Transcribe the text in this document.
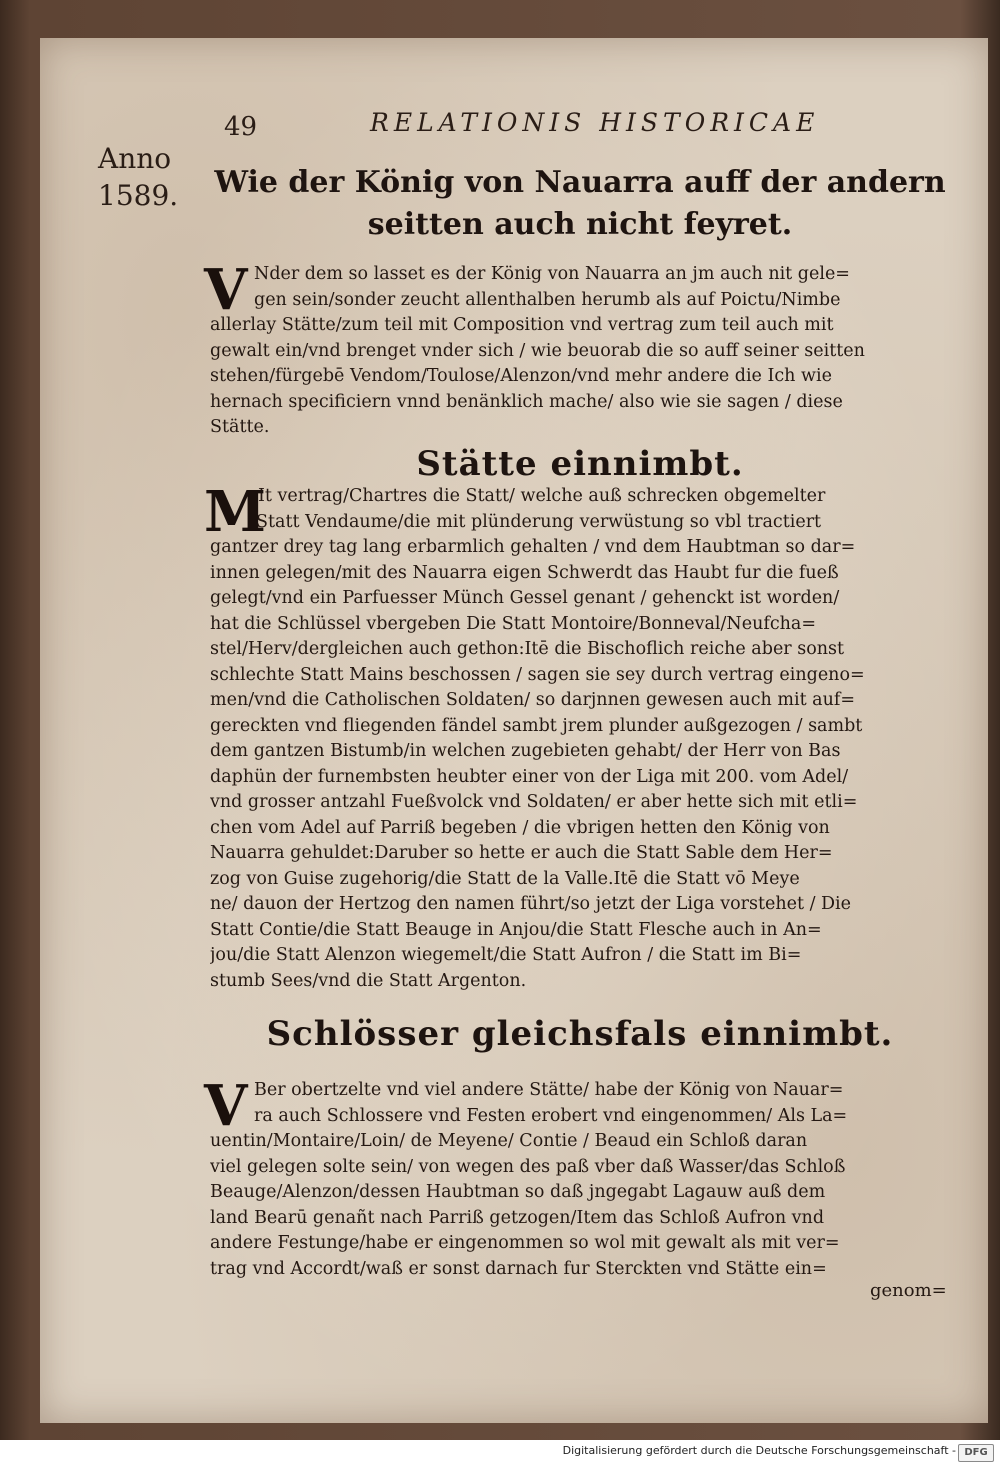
49	RELATIONIS HISTORICAE
Anno
1589.	Wie der König von Nauarra auff der andern
seitten auch nicht feyret.
V Nder dem so lasset es der König von Nauarra an jm auch nit gele=
gen sein/sonder zeucht allenthalben herumb als auf Poictu/Nimbe
allerlay Stätte/zum teil mit Composition vnd vertrag zum teil auch mit
gewalt ein/vnd brenget vnder sich / wie beuorab die so auff seiner seitten
stehen/fürgebē Vendom/Toulose/Alenzon/vnd mehr andere die Ich wie
hernach specificiern vnnd benänklich mache/ also wie sie sagen / diese
Stätte.
Stätte einnimbt.
M
It vertrag/Chartres die Statt/ welche auß schrecken obgemelter
Statt Vendaume/die mit plünderung verwüstung so vbl tractiert
gantzer drey tag lang erbarmlich gehalten / vnd dem Haubtman so dar=
innen gelegen/mit des Nauarra eigen Schwerdt das Haubt fur die fueß
gelegt/vnd ein Parfuesser Münch Gessel genant / gehenckt ist worden/
hat die Schlüssel vbergeben Die Statt Montoire/Bonneval/Neufcha=
stel/Herv/dergleichen auch gethon:Itē die Bischoflich reiche aber sonst
schlechte Statt Mains beschossen / sagen sie sey durch vertrag eingeno=
men/vnd die Catholischen Soldaten/ so darjnnen gewesen auch mit auf=
gereckten vnd fliegenden fändel sambt jrem plunder außgezogen / sambt
dem gantzen Bistumb/in welchen zugebieten gehabt/ der Herr von Bas
daphün der furnembsten heubter einer von der Liga mit 200. vom Adel/
vnd grosser antzahl Fueßvolck vnd Soldaten/ er aber hette sich mit etli=
chen vom Adel auf Parriß begeben / die vbrigen hetten den König von
Nauarra gehuldet:Daruber so hette er auch die Statt Sable dem Her=
zog von Guise zugehorig/die Statt de la Valle.Itē die Statt vō Meye
ne/ dauon der Hertzog den namen führt/so jetzt der Liga vorstehet / Die
Statt Contie/die Statt Beauge in Anjou/die Statt Flesche auch in An=
jou/die Statt Alenzon wiegemelt/die Statt Aufron / die Statt im Bi=
stumb Sees/vnd die Statt Argenton.
Schlösser gleichsfals einnimbt.
V Ber obertzelte vnd viel andere Stätte/ habe der König von Nauar=
ra auch Schlossere vnd Festen erobert vnd eingenommen/ Als La=
uentin/Montaire/Loin/ de Meyene/ Contie / Beaud ein Schloß daran
viel gelegen solte sein/ von wegen des paß vber daß Wasser/das Schloß
Beauge/Alenzon/dessen Haubtman so daß jngegabt Lagauw auß dem
land Bearū genañt nach Parriß getzogen/Item das Schloß Aufron vnd
andere Festunge/habe er eingenommen so wol mit gewalt als mit ver=
trag vnd Accordt/waß er sonst darnach fur Sterckten vnd Stätte ein=
genom=
Digitalisierung gefördert durch die Deutsche Forschungsgemeinschaft - DFG
